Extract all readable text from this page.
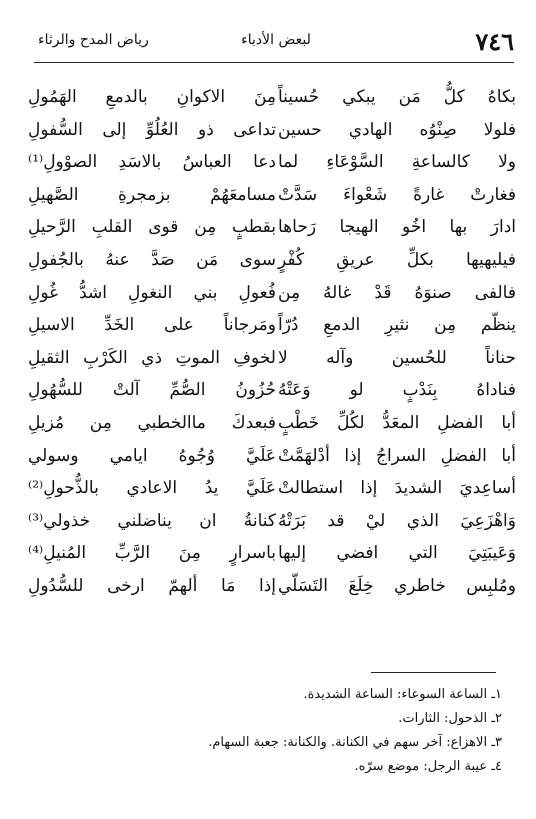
٧٤٦
لبعض الأدباء
رياض المدح والرثاء
بكاهُ كلُّ مَن يبكي حُسيناً
مِنَ الاكوانِ بالدمعِ الهَمُولِ
فلولا صِنْوُه الهادي حسين
تداعى ذو العُلُوِّ إلى السُّفولِ
ولا كالساعةِ السَّوْعَاءِ لما
دعا العباسُ بالاسَدِ الصوْولِ⁽¹⁾
فغارتْ غارةً شَعْواءَ سَدَّتْ
مسامعَهُمْ بزمجرةِ الصَّهيلِ
ادارَ بها اخُو الهيجا رَحاها
بقطبٍ مِن قوى القلبِ الرَّحيلِ
فيليهيها بكلِّ عريقِ كُفْرٍ
سوى مَن صَدَّ عنهُ بالجُفولِ
فالفى صنوَهُ قَدْ غالهُ مِن
فُعولِ بني النغولِ اشدُّ غُولِ
ينظّم مِن نثيرِ الدمعِ دُرّاً
ومَرجاناً على الخَدِّ الاسيلِ
حناناً للحُسين وآله لا
لخوفِ الموتِ ذي الكَرْبِ الثقيلِ
فناداهُ بِنَدْبٍ لو وَعَتْهُ
حُزُونُ الصُّمِّ آلتْ للسُّهُولِ
أبا الفضلِ المعَدُّ لكُلِّ خَطْبٍ
فبعدكَ ماالخطبي مِن مُزيلِ
أبا الفضلِ السراجُ إذا أدْلهَمَّتْ
عَلَيَّ وُجُوهُ ايامي وسولي
أساعِديَ الشديدَ إذا استطالتْ
عَلَيَّ يدُ الاعادي بالذُّحولِ⁽²⁾
وَاهْزَعِيَ الذي ليْ قد بَرَتْهُ
كنانةُ ان يناضلني خذولي⁽³⁾
وَعَيبَتِيَ التي افضي إليها
باسرارٍ مِنَ الرَّبِّ المُنيلِ⁽⁴⁾
ومُلبِس خاطري خِلَعَ التَسَلّي
إذا مَا ألهمّ ارخى للسُّدُولِ
١ـ الساعة السوعاء: الساعة الشديدة.
٢ـ الذحول: الثارات.
٣ـ الاهزاع: آخر سهم في الكنانة. والكنانة: جعبة السهام.
٤ـ عيبة الرجل: موضع سرّه.
